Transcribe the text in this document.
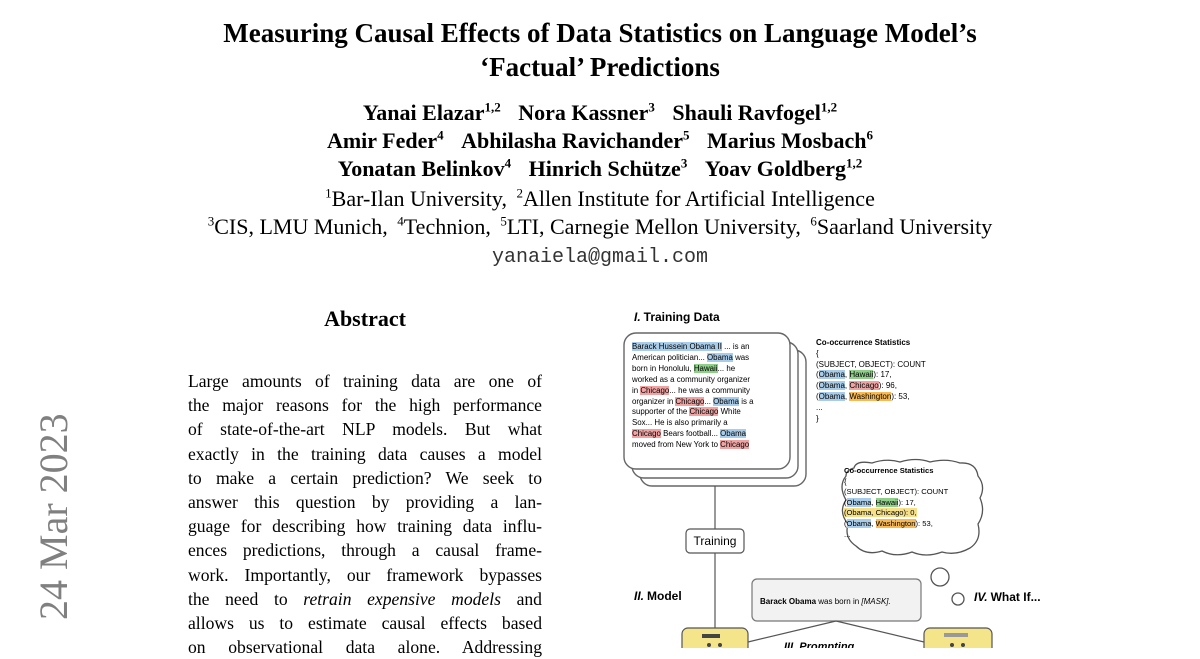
Measuring Causal Effects of Data Statistics on Language Model’s
‘Factual’ Predictions
Yanai Elazar$^{1,2}$ Nora Kassner$^3$ Shauli Ravfogel$^{1,2}$
Amir Feder$^4$ Abhilasha Ravichander$^5$ Marius Mosbach$^6$
Yonatan Belinkov$^4$ Hinrich Schütze$^3$ Yoav Goldberg$^{1,2}$
$^1$Bar-Ilan University, $^2$Allen Institute for Artificial Intelligence
$^3$CIS, LMU Munich, $^4$Technion, $^5$LTI, Carnegie Mellon University, $^6$Saarland University
yanaiela@gmail.com
24 Mar 2023
Abstract
Large amounts of training data are one of
the major reasons for the high performance
of state-of-the-art NLP models. But what
exactly in the training data causes a model
to make a certain prediction? We seek to
answer this question by providing a lan-
guage for describing how training data influ-
ences predictions, through a causal frame-
work. Importantly, our framework bypasses
the need to retrain expensive models and
allows us to estimate causal effects based
on observational data alone. Addressing
I. Training Data
Barack Hussein Obama II ... is an
American politician... Obama was
born in Honolulu, Hawaii... he
worked as a community organizer
in Chicago... he was a community
organizer in Chicago... Obama is a
supporter of the Chicago White
Sox... He is also primarily a
Chicago Bears football... Obama
moved from New York to Chicago
Co-occurrence Statistics
{
(SUBJECT, OBJECT): COUNT
(Obama, Hawaii): 17,
(Obama, Chicago): 96,
(Obama, Washington): 53,
...
}
Co-occurrence Statistics
{
(SUBJECT, OBJECT): COUNT
(Obama, Hawaii): 17,
(Obama, Chicago): 0,
(Obama, Washington): 53,
...
Training
II. Model	Barack Obama was born in [MASK].
III. Prompting
IV. What If...
